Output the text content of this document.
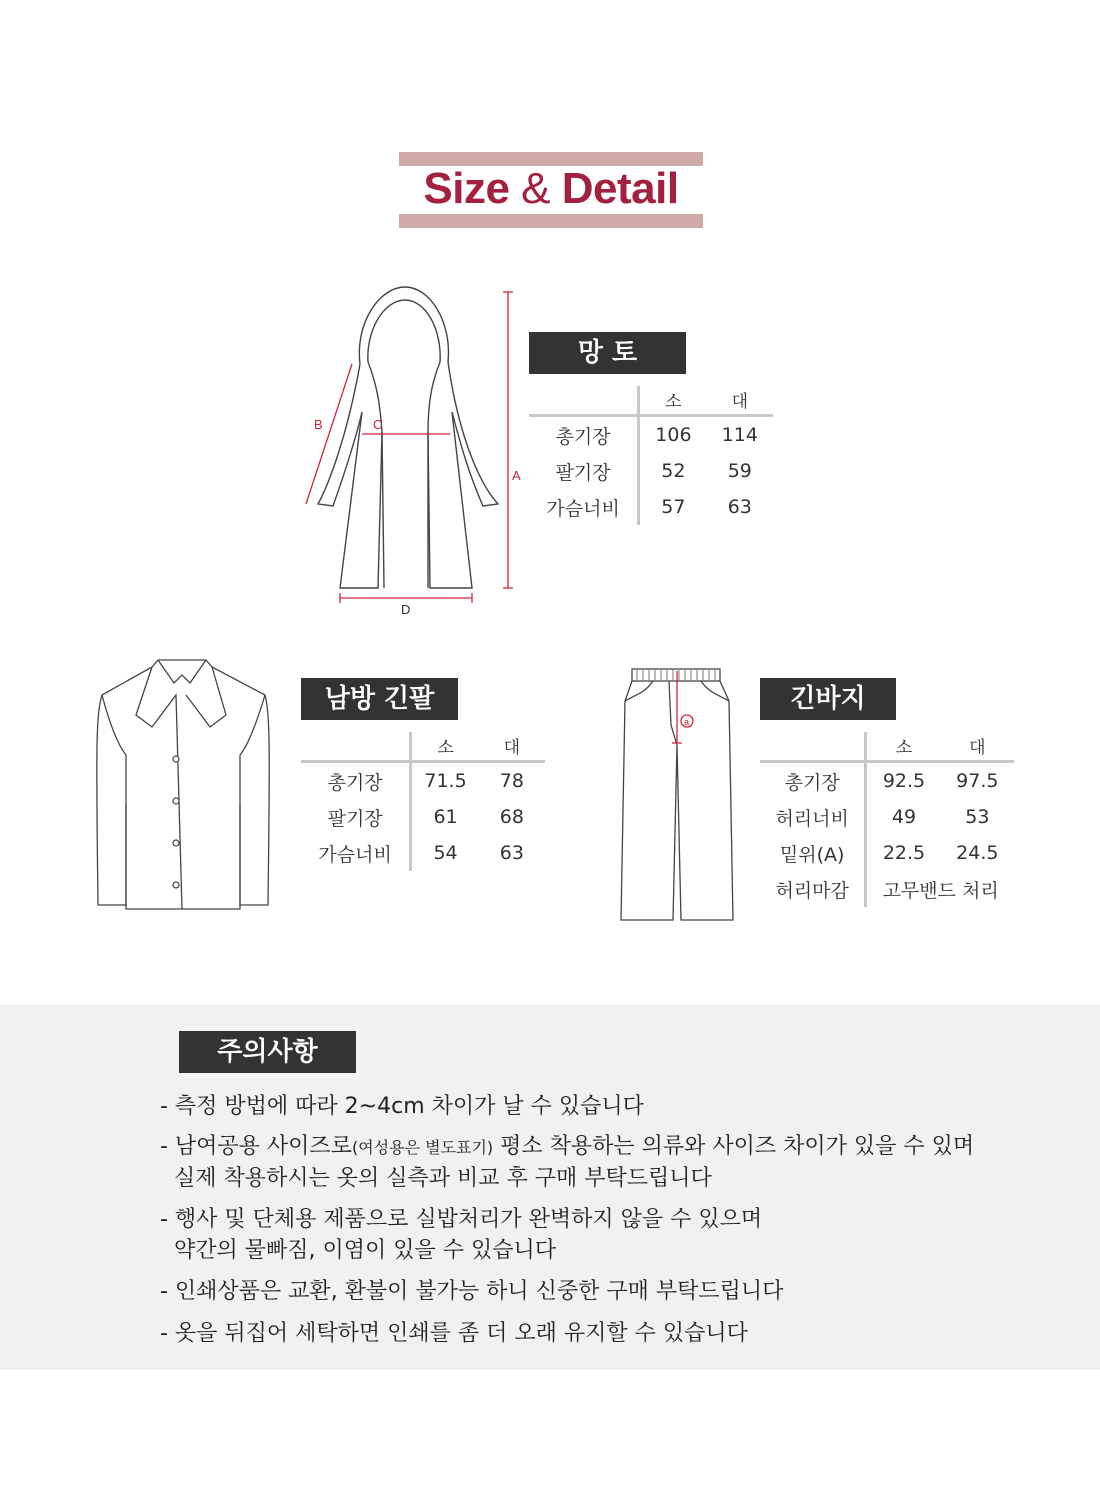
Size & Detail
A
B	C
D
망 토
	소	대
총기장	106	114
팔기장	52	59
가슴너비	57	63
남방 긴팔
	소	대
총기장	71.5	78
팔기장	61	68
가슴너비	54	63
a
긴바지
	소	대
총기장	92.5	97.5
허리너비	49	53
밑위(A)	22.5	24.5
허리마감	고무밴드 처리	
주의사항
- 측정 방법에 따라 2~4cm 차이가 날 수 있습니다
- 남여공용 사이즈로(여성용은 별도표기) 평소 착용하는 의류와 사이즈 차이가 있을 수 있며
실제 착용하시는 옷의 실측과 비교 후 구매 부탁드립니다
- 행사 및 단체용 제품으로 실밥처리가 완벽하지 않을 수 있으며
약간의 물빠짐, 이염이 있을 수 있습니다
- 인쇄상품은 교환, 환불이 불가능 하니 신중한 구매 부탁드립니다
- 옷을 뒤집어 세탁하면 인쇄를 좀 더 오래 유지할 수 있습니다
